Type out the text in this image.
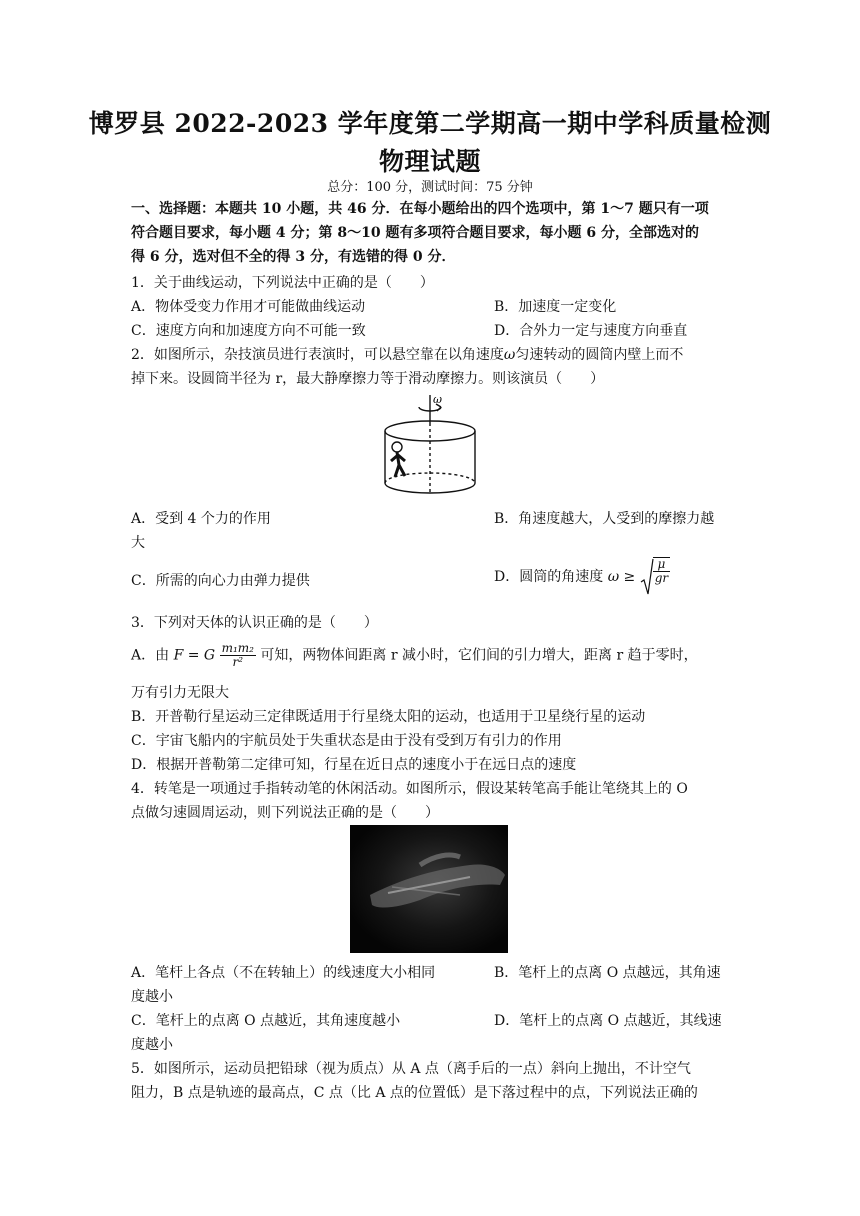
博罗县 2022-2023 学年度第二学期高一期中学科质量检测
物理试题
总分：100 分，测试时间：75 分钟
一、选择题：本题共 10 小题，共 46 分．在每小题给出的四个选项中，第 1～7 题只有一项
符合题目要求，每小题 4 分；第 8～10 题有多项符合题目要求，每小题 6 分，全部选对的
得 6 分，选对但不全的得 3 分，有选错的得 0 分．
1．关于曲线运动，下列说法中正确的是（　　）
A．物体受变力作用才可能做曲线运动	B．加速度一定变化
C．速度方向和加速度方向不可能一致	D．合外力一定与速度方向垂直
2．如图所示，杂技演员进行表演时，可以悬空靠在以角速度ω匀速转动的圆筒内壁上而不
掉下来。设圆筒半径为 r，最大静摩擦力等于滑动摩擦力。则该演员（　　）
ω
A．受到 4 个力的作用	B．角速度越大，人受到的摩擦力越
大
C．所需的向心力由弹力提供	D．圆筒的角速度 $\omega \ge \frac{\mu}{gr}$
3．下列对天体的认识正确的是（　　）
A．由 F = G $\frac{\text{m₁m₂}}{\text{r²}}$ 可知，两物体间距离 r 减小时，它们间的引力增大，距离 r 趋于零时，
万有引力无限大
B．开普勒行星运动三定律既适用于行星绕太阳的运动，也适用于卫星绕行星的运动
C．宇宙飞船内的宇航员处于失重状态是由于没有受到万有引力的作用
D．根据开普勒第二定律可知，行星在近日点的速度小于在远日点的速度
4．转笔是一项通过手指转动笔的休闲活动。如图所示，假设某转笔高手能让笔绕其上的 O
点做匀速圆周运动，则下列说法正确的是（　　）
A．笔杆上各点（不在转轴上）的线速度大小相同	B．笔杆上的点离 O 点越远，其角速
度越小
C．笔杆上的点离 O 点越近，其角速度越小	D．笔杆上的点离 O 点越近，其线速
度越小
5．如图所示，运动员把铅球（视为质点）从 A 点（离手后的一点）斜向上抛出，不计空气
阻力，B 点是轨迹的最高点，C 点（比 A 点的位置低）是下落过程中的点，下列说法正确的
